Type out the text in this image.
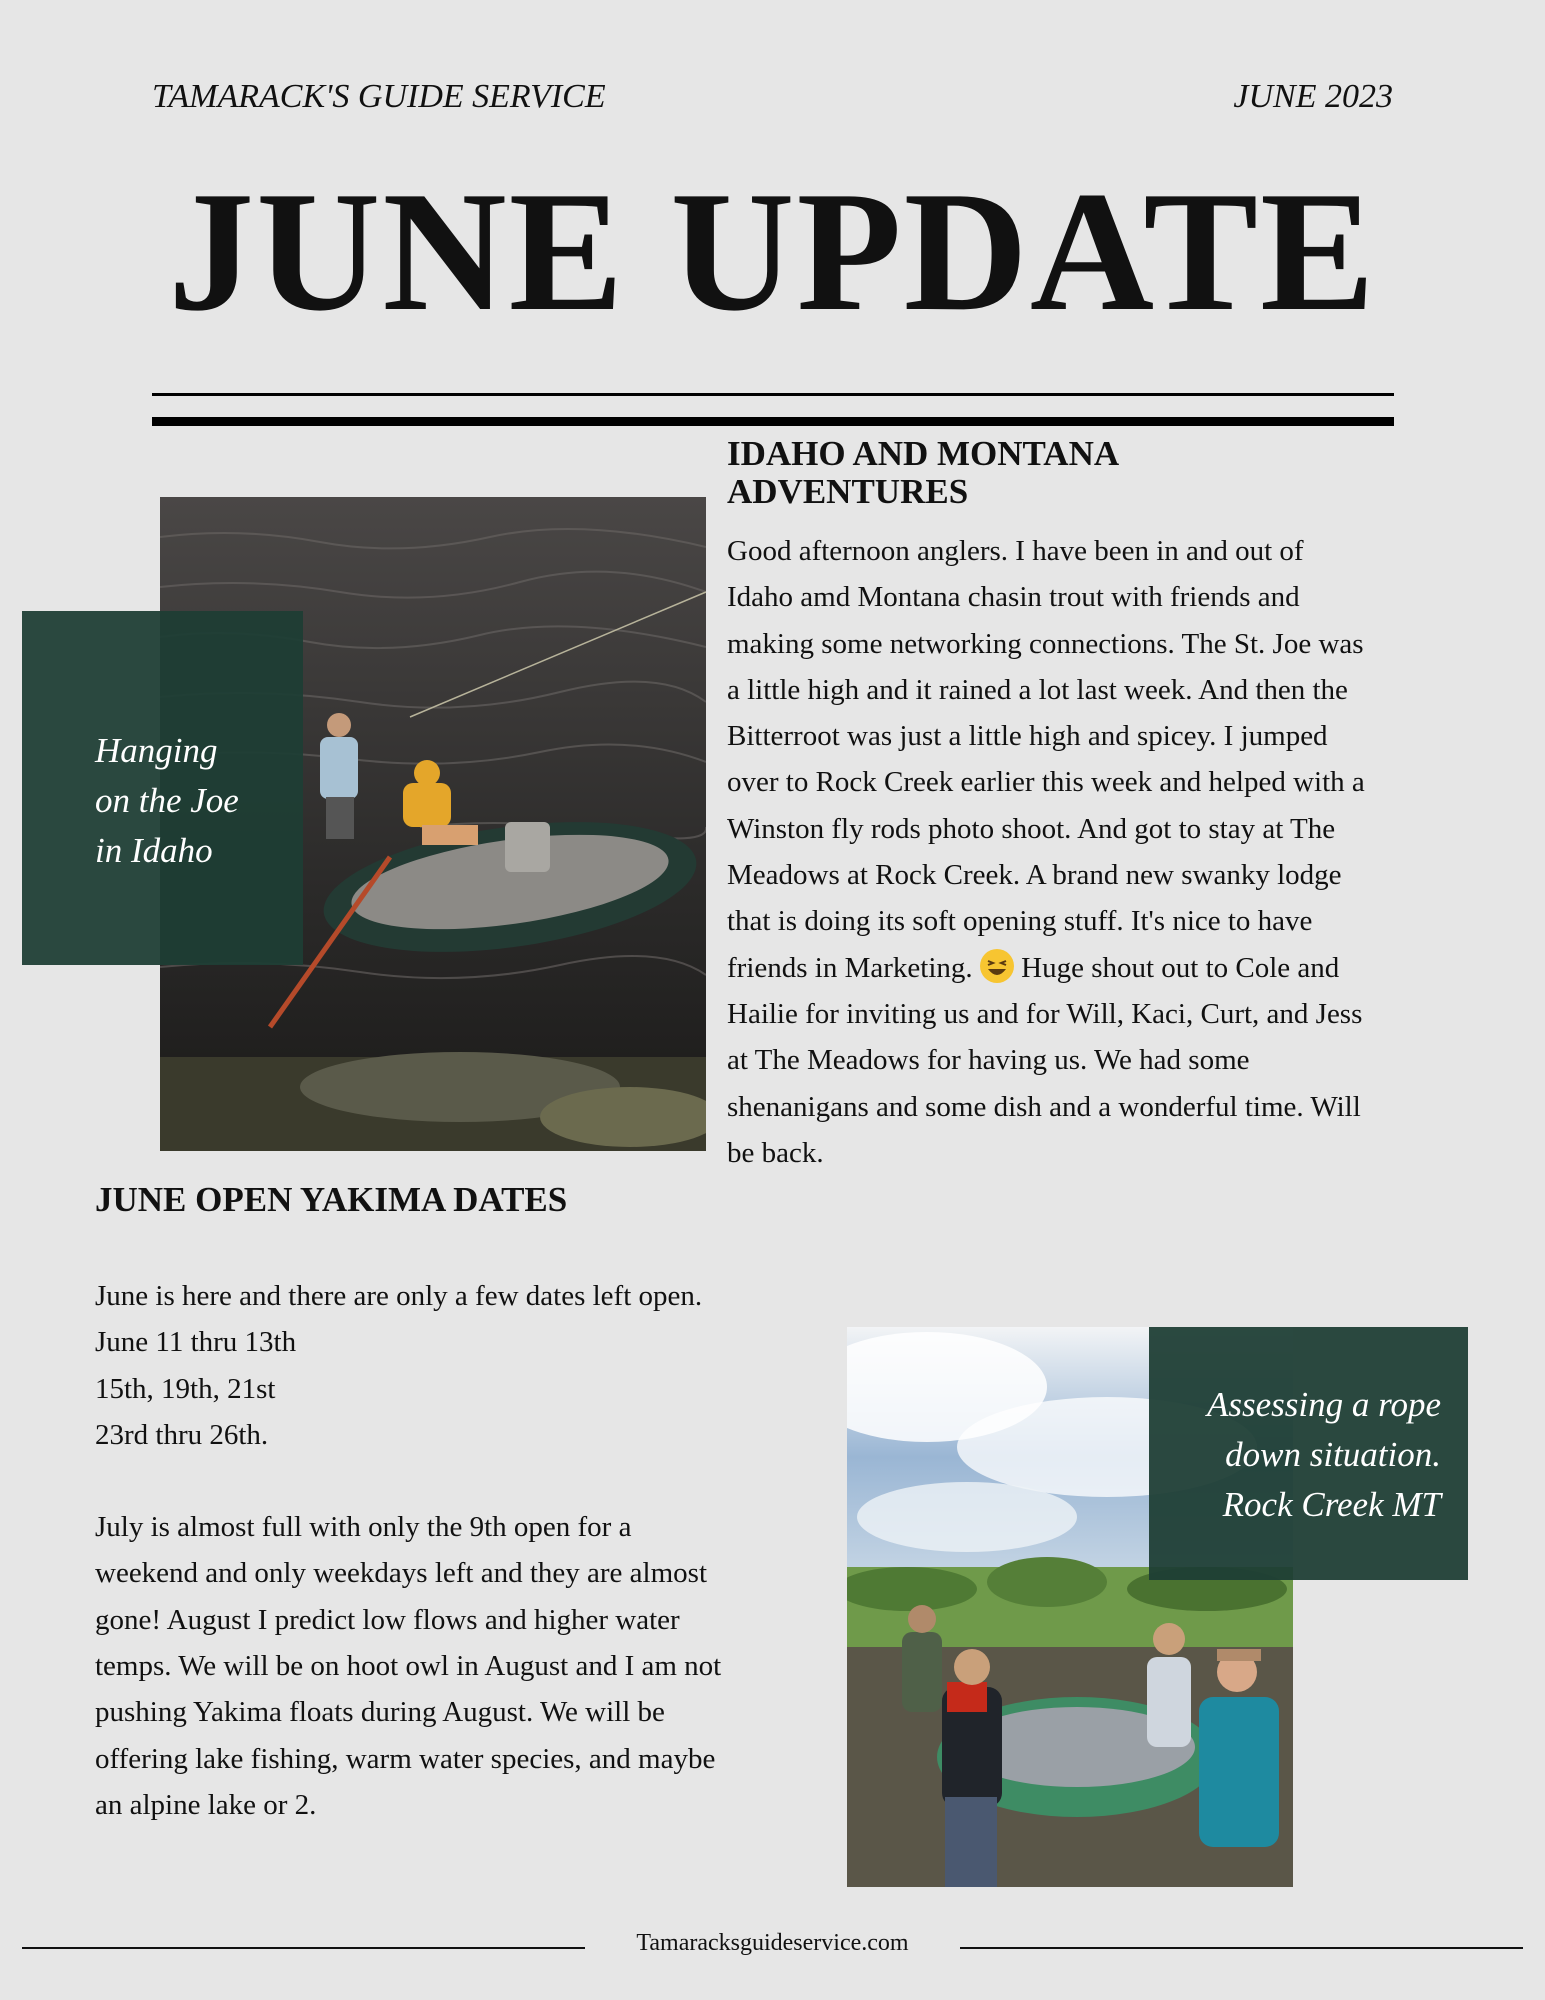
TAMARACK'S GUIDE SERVICE	JUNE 2023
JUNE UPDATE
Hanging
on the Joe
in Idaho
IDAHO AND MONTANA ADVENTURES
Good afternoon anglers. I have been in and out of Idaho amd Montana chasin trout with friends and making some networking connections. The St. Joe was a little high and it rained a lot last week. And then the Bitterroot was just a little high and spicey. I jumped over to Rock Creek earlier this week and helped with a Winston fly rods photo shoot. And got to stay at The Meadows at Rock Creek. A brand new swanky lodge that is doing its soft opening stuff. It's nice to have friends in Marketing.  Huge shout out to Cole and Hailie for inviting us and for Will, Kaci, Curt, and Jess at The Meadows for having us. We had some shenanigans and some dish and a wonderful time. Will be back.
JUNE OPEN YAKIMA DATES
June is here and there are only a few dates left open.
June 11 thru 13th
15th, 19th, 21st
23rd thru 26th.
July is almost full with only the 9th open for a weekend and only weekdays left and they are almost gone! August I predict low flows and higher water temps. We will be on hoot owl in August and I am not pushing Yakima floats during August. We will be offering lake fishing, warm water species, and maybe an alpine lake or 2.
Assessing a rope
down situation.
Rock Creek MT
Tamaracksguideservice.com
